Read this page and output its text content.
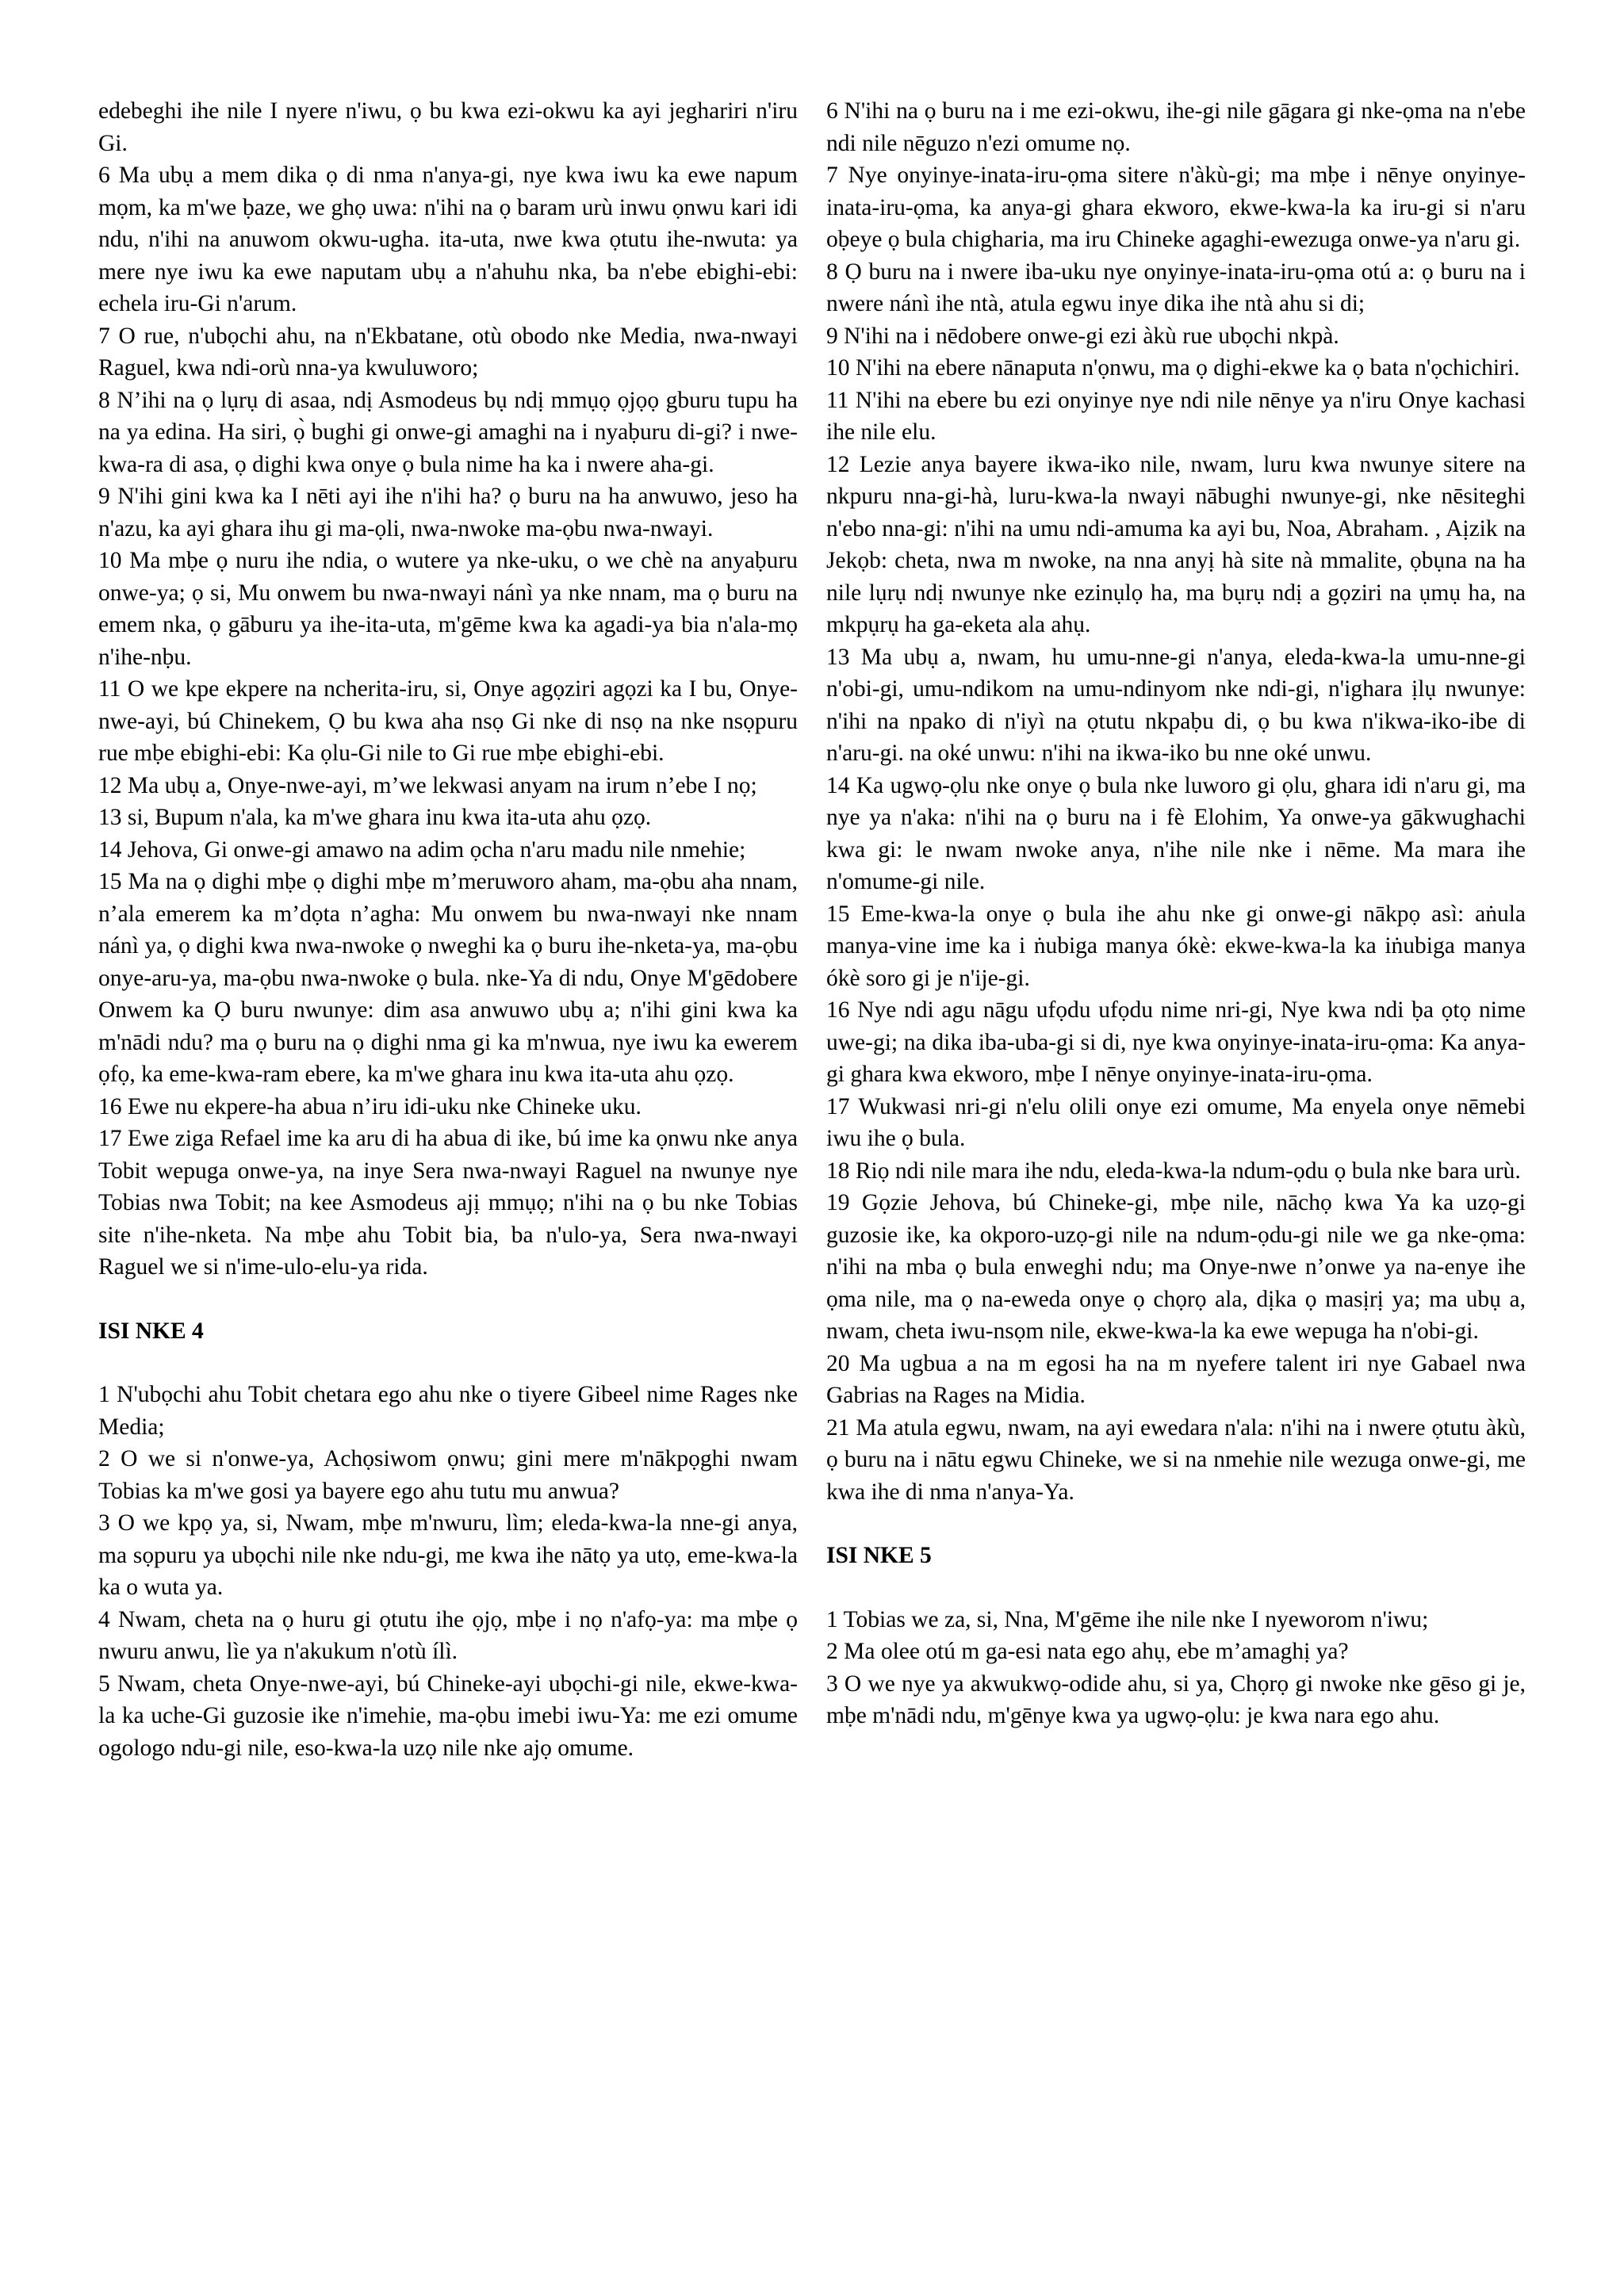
edebeghi ihe nile I nyere n'iwu, ọ bu kwa ezi-okwu ka ayi jeghariri n'iru Gi.

6 Ma ubụ a mem dika ọ di nma n'anya-gi, nye kwa iwu ka ewe napum mọm, ka m'we ḅaze, we ghọ uwa: n'ihi na ọ baram urù inwu ọnwu kari idi ndu, n'ihi na anuwom okwu-ugha. ita-uta, nwe kwa ọtutu ihe-nwuta: ya mere nye iwu ka ewe naputam ubụ a n'ahuhu nka, ba n'ebe ebighi-ebi: echela iru-Gi n'arum.

7 O rue, n'ubọchi ahu, na n'Ekbatane, otù obodo nke Media, nwa-nwayi Raguel, kwa ndi-orù nna-ya kwuluworo;

8 N’ihi na ọ lụrụ di asaa, ndị Asmodeus bụ ndị mmụọ ọjọọ gburu tupu ha na ya edina. Ha siri, ọ̀ bughi gi onwe-gi amaghi na i nyaḅuru di-gi? i nwe-kwa-ra di asa, ọ dighi kwa onye ọ bula nime ha ka i nwere aha-gi.

9 N'ihi gini kwa ka I nēti ayi ihe n'ihi ha? ọ buru na ha anwuwo, jeso ha n'azu, ka ayi ghara ihu gi ma-ọli, nwa-nwoke ma-ọbu nwa-nwayi.

10 Ma mḅe ọ nuru ihe ndia, o wutere ya nke-uku, o we chè na anyaḅuru onwe-ya; ọ si, Mu onwem bu nwa-nwayi nánì ya nke nnam, ma ọ buru na emem nka, ọ gāburu ya ihe-ita-uta, m'gēme kwa ka agadi-ya bia n'ala-mọ n'ihe-nḅu.

11 O we kpe ekpere na ncherita-iru, si, Onye agọziri agọzi ka I bu, Onye-nwe-ayi, bú Chinekem, Ọ bu kwa aha nsọ Gi nke di nsọ na nke nsọpuru rue mḅe ebighi-ebi: Ka ọlu-Gi nile to Gi rue mḅe ebighi-ebi.

12 Ma ubụ a, Onye-nwe-ayi, m’we lekwasi anyam na irum n’ebe I nọ;

13 si, Bupum n'ala, ka m'we ghara inu kwa ita-uta ahu ọzọ.

14 Jehova, Gi onwe-gi amawo na adim ọcha n'aru madu nile nmehie;

15 Ma na ọ dighi mḅe ọ dighi mḅe m’meruworo aham, ma-ọbu aha nnam, n’ala emerem ka m’dọta n’agha: Mu onwem bu nwa-nwayi nke nnam nánì ya, ọ dighi kwa nwa-nwoke ọ nweghi ka ọ buru ihe-nketa-ya, ma-ọbu onye-aru-ya, ma-ọbu nwa-nwoke ọ bula. nke-Ya di ndu, Onye M'gēdobere Onwem ka Ọ buru nwunye: dim asa anwuwo ubụ a; n'ihi gini kwa ka m'nādi ndu? ma ọ buru na ọ dighi nma gi ka m'nwua, nye iwu ka ewerem ọfọ, ka eme-kwa-ram ebere, ka m'we ghara inu kwa ita-uta ahu ọzọ.

16 Ewe nu ekpere-ha abua n’iru idi-uku nke Chineke uku.

17 Ewe ziga Refael ime ka aru di ha abua di ike, bú ime ka ọnwu nke anya Tobit wepuga onwe-ya, na inye Sera nwa-nwayi Raguel na nwunye nye Tobias nwa Tobit; na kee Asmodeus ajị mmụọ; n'ihi na ọ bu nke Tobias site n'ihe-nketa. Na mḅe ahu Tobit bia, ba n'ulo-ya, Sera nwa-nwayi Raguel we si n'ime-ulo-elu-ya rida.

ISI NKE 4

1 N'ubọchi ahu Tobit chetara ego ahu nke o tiyere Gibeel nime Rages nke Media;

2 O we si n'onwe-ya, Achọsiwom ọnwu; gini mere m'nākpọghi nwam Tobias ka m'we gosi ya bayere ego ahu tutu mu anwua?

3 O we kpọ ya, si, Nwam, mḅe m'nwuru, lìm; eleda-kwa-la nne-gi anya, ma sọpuru ya ubọchi nile nke ndu-gi, me kwa ihe nātọ ya utọ, eme-kwa-la ka o wuta ya.

4 Nwam, cheta na ọ huru gi ọtutu ihe ọjọ, mḅe i nọ n'afọ-ya: ma mḅe ọ nwuru anwu, lìe ya n'akukum n'otù ílì.

5 Nwam, cheta Onye-nwe-ayi, bú Chineke-ayi ubọchi-gi nile, ekwe-kwa-la ka uche-Gi guzosie ike n'imehie, ma-ọbu imebi iwu-Ya: me ezi omume ogologo ndu-gi nile, eso-kwa-la uzọ nile nke ajọ omume.

6 N'ihi na ọ buru na i me ezi-okwu, ihe-gi nile gāgara gi nke-ọma na n'ebe ndi nile nēguzo n'ezi omume nọ.

7 Nye onyinye-inata-iru-ọma sitere n'àkù-gi; ma mḅe i nēnye onyinye-inata-iru-ọma, ka anya-gi ghara ekworo, ekwe-kwa-la ka iru-gi si n'aru oḅeye ọ bula chigharia, ma iru Chineke agaghi-ewezuga onwe-ya n'aru gi.

8 Ọ buru na i nwere iba-uku nye onyinye-inata-iru-ọma otú a: ọ buru na i nwere nánì ihe ntà, atula egwu inye dika ihe ntà ahu si di;

9 N'ihi na i nēdobere onwe-gi ezi àkù rue ubọchi nkpà.

10 N'ihi na ebere nānaputa n'ọnwu, ma ọ dighi-ekwe ka ọ bata n'ọchichiri.

11 N'ihi na ebere bu ezi onyinye nye ndi nile nēnye ya n'iru Onye kachasi ihe nile elu.

12 Lezie anya bayere ikwa-iko nile, nwam, luru kwa nwunye sitere na nkpuru nna-gi-hà, luru-kwa-la nwayi nābughi nwunye-gi, nke nēsiteghi n'ebo nna-gi: n'ihi na umu ndi-amuma ka ayi bu, Noa, Abraham. , Aịzik na Jekọb: cheta, nwa m nwoke, na nna anyị hà site nà mmalite, ọbụna na ha nile lụrụ ndị nwunye nke ezinụlọ ha, ma bụrụ ndị a gọziri na ụmụ ha, na mkpụrụ ha ga-eketa ala ahụ.

13 Ma ubụ a, nwam, hu umu-nne-gi n'anya, eleda-kwa-la umu-nne-gi n'obi-gi, umu-ndikom na umu-ndinyom nke ndi-gi, n'ighara ịlụ nwunye: n'ihi na npako di n'iyì na ọtutu nkpaḅu di, ọ bu kwa n'ikwa-iko-ibe di n'aru-gi. na oké unwu: n'ihi na ikwa-iko bu nne oké unwu.

14 Ka ugwọ-ọlu nke onye ọ bula nke luworo gi ọlu, ghara idi n'aru gi, ma nye ya n'aka: n'ihi na ọ buru na i fè Elohim, Ya onwe-ya gākwughachi kwa gi: le nwam nwoke anya, n'ihe nile nke i nēme. Ma mara ihe n'omume-gi nile.

15 Eme-kwa-la onye ọ bula ihe ahu nke gi onwe-gi nākpọ asì: aṅula manya-vine ime ka i ṅubiga manya ókè: ekwe-kwa-la ka iṅubiga manya ókè soro gi je n'ije-gi.

16 Nye ndi agu nāgu ufọdu ufọdu nime nri-gi, Nye kwa ndi ḅa ọtọ nime uwe-gi; na dika iba-uba-gi si di, nye kwa onyinye-inata-iru-ọma: Ka anya-gi ghara kwa ekworo, mḅe I nēnye onyinye-inata-iru-ọma.

17 Wukwasi nri-gi n'elu olili onye ezi omume, Ma enyela onye nēmebi iwu ihe ọ bula.

18 Riọ ndi nile mara ihe ndu, eleda-kwa-la ndum-ọdu ọ bula nke bara urù.

19 Gọzie Jehova, bú Chineke-gi, mḅe nile, nāchọ kwa Ya ka uzọ-gi guzosie ike, ka okporo-uzọ-gi nile na ndum-ọdu-gi nile we ga nke-ọma: n'ihi na mba ọ bula enweghi ndu; ma Onye-nwe n’onwe ya na-enye ihe ọma nile, ma ọ na-eweda onye ọ chọrọ ala, dịka ọ masịrị ya; ma ubụ a, nwam, cheta iwu-nsọm nile, ekwe-kwa-la ka ewe wepuga ha n'obi-gi.

20 Ma ugbua a na m egosi ha na m nyefere talent iri nye Gabael nwa Gabrias na Rages na Midia.

21 Ma atula egwu, nwam, na ayi ewedara n'ala: n'ihi na i nwere ọtutu àkù, ọ buru na i nātu egwu Chineke, we si na nmehie nile wezuga onwe-gi, me kwa ihe di nma n'anya-Ya.

ISI NKE 5

1 Tobias we za, si, Nna, M'gēme ihe nile nke I nyeworom n'iwu;

2 Ma olee otú m ga-esi nata ego ahụ, ebe m’amaghị ya?

3 O we nye ya akwukwọ-odide ahu, si ya, Chọrọ gi nwoke nke gēso gi je, mḅe m'nādi ndu, m'gēnye kwa ya ugwọ-ọlu: je kwa nara ego ahu.
